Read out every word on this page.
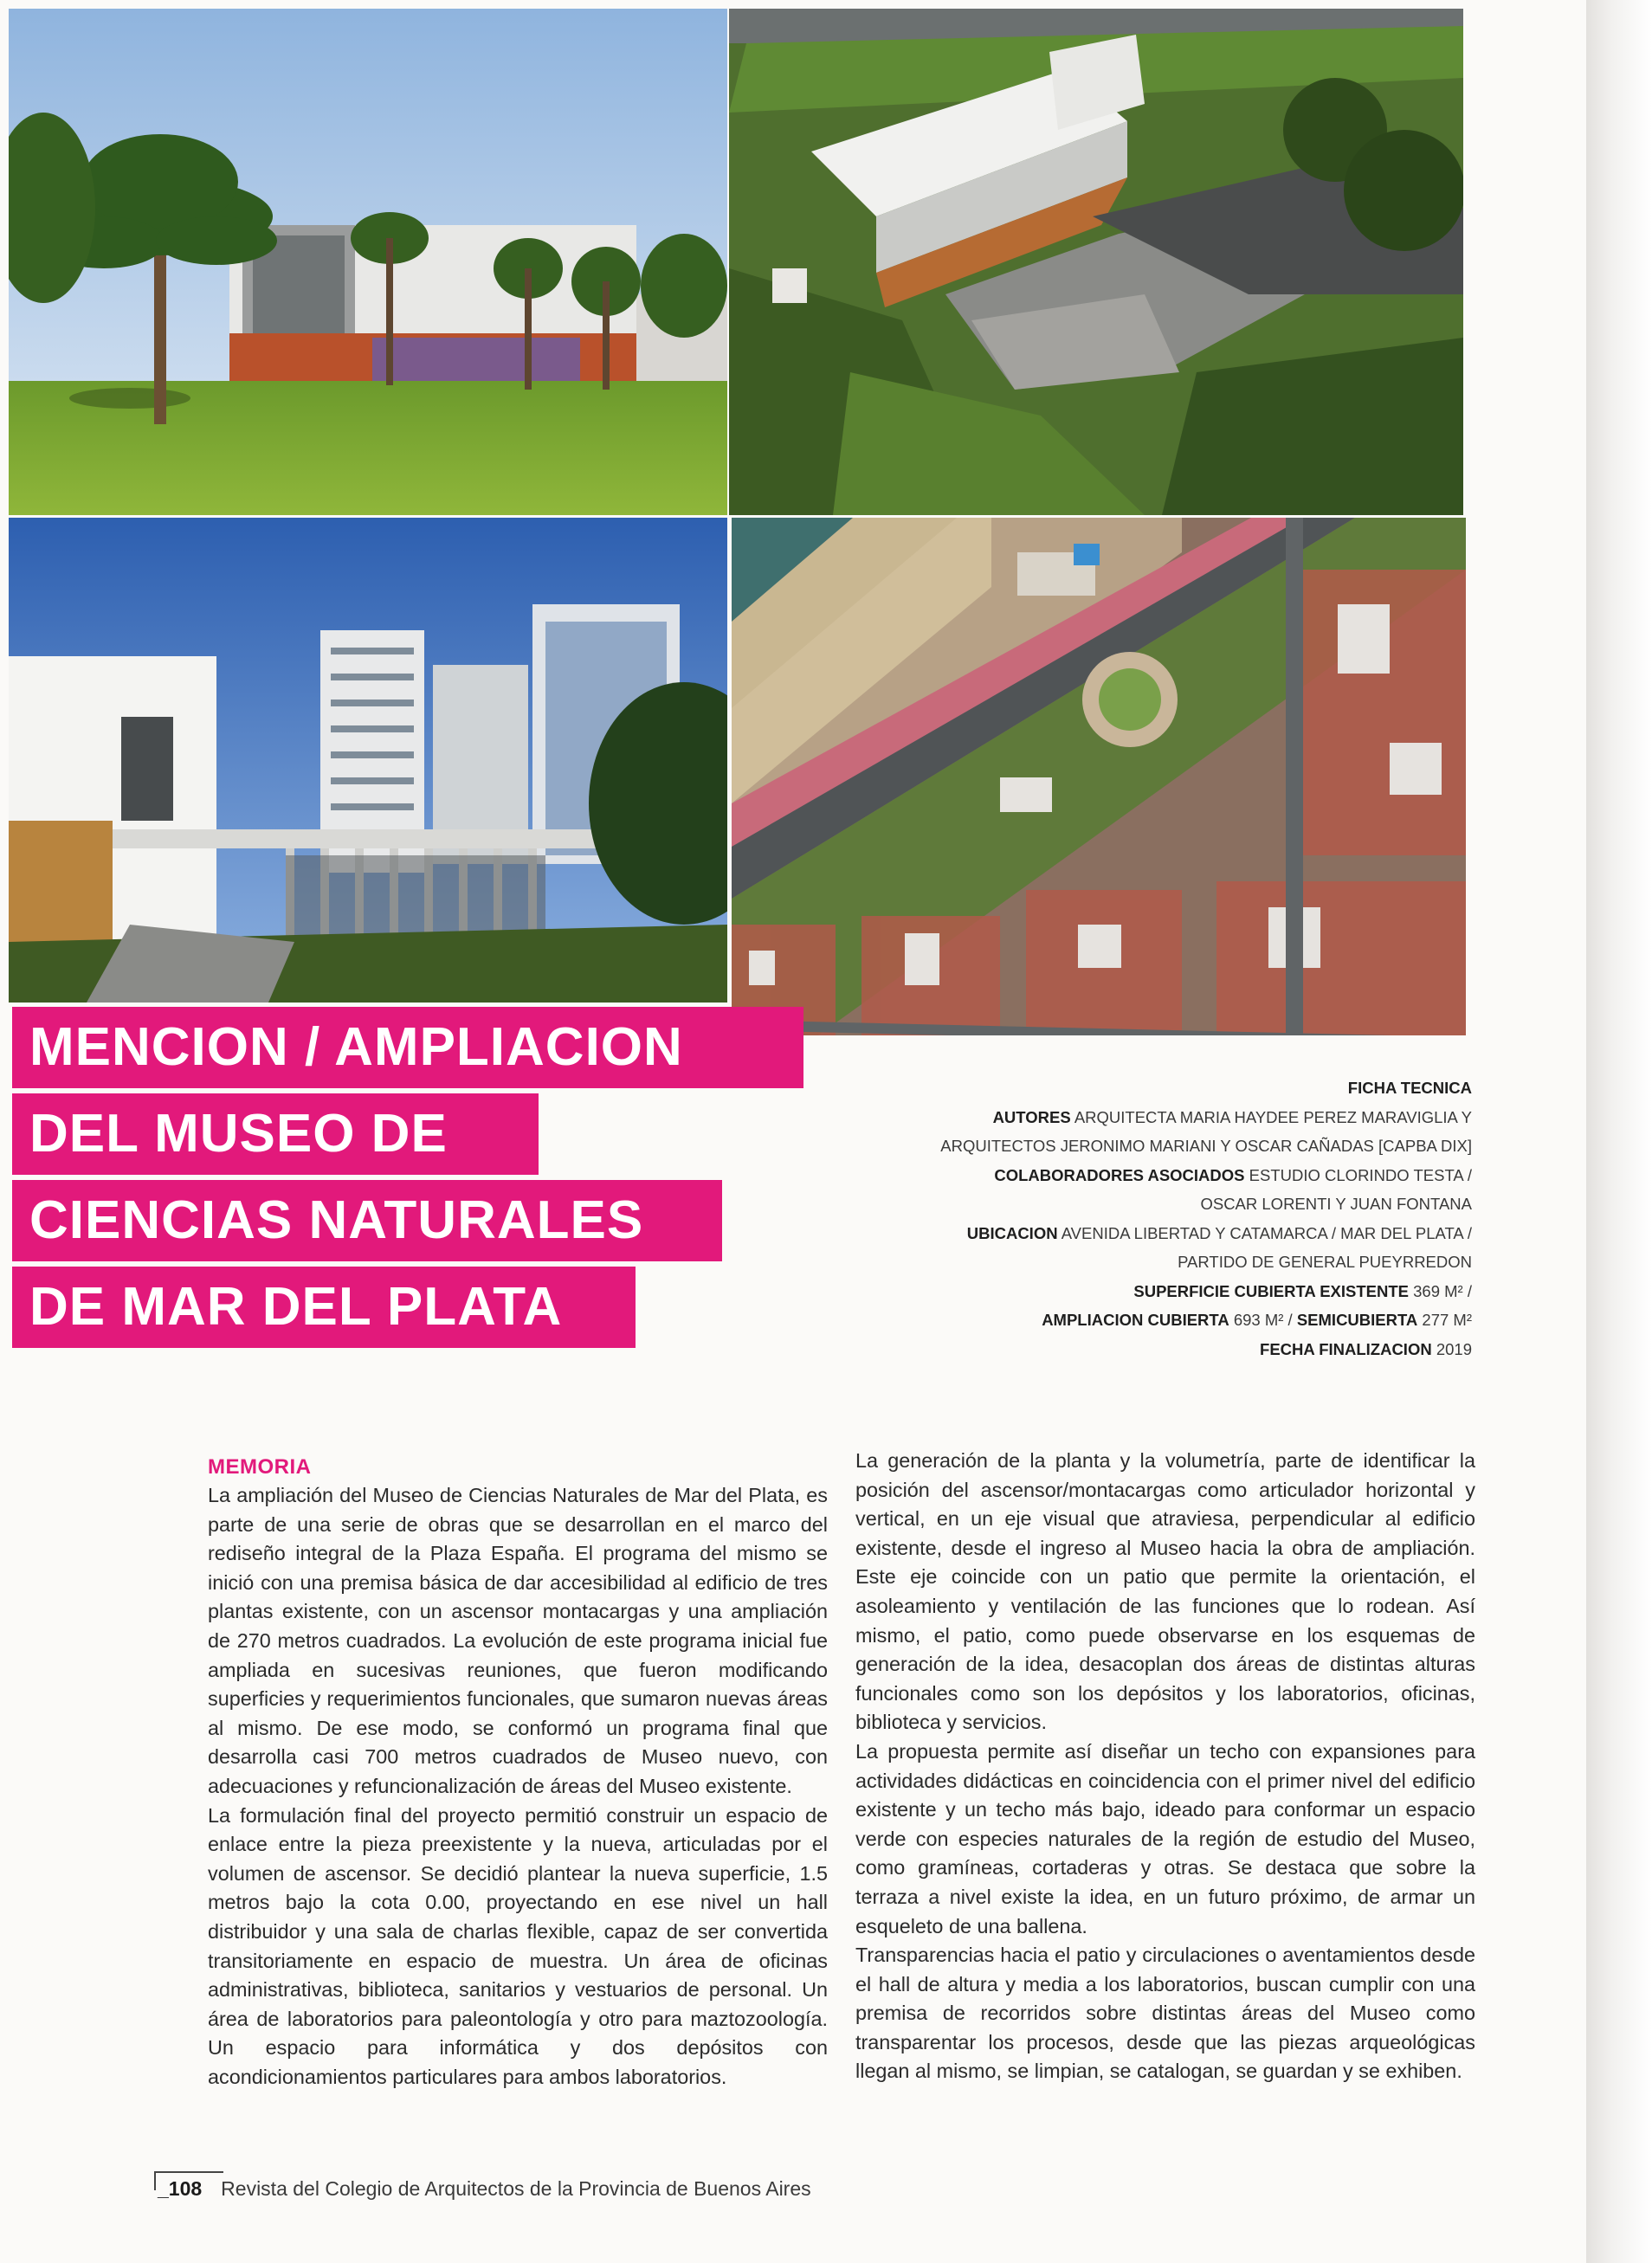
MENCION / AMPLIACION
DEL MUSEO DE
CIENCIAS NATURALES
DE MAR DEL PLATA
FICHA TECNICA
AUTORES ARQUITECTA MARIA HAYDEE PEREZ MARAVIGLIA Y
ARQUITECTOS JERONIMO MARIANI Y OSCAR CAÑADAS [CAPBA DIX]
COLABORADORES ASOCIADOS ESTUDIO CLORINDO TESTA /
OSCAR LORENTI Y JUAN FONTANA
UBICACION AVENIDA LIBERTAD Y CATAMARCA / MAR DEL PLATA /
PARTIDO DE GENERAL PUEYRREDON
SUPERFICIE CUBIERTA EXISTENTE 369 M² /
AMPLIACION CUBIERTA 693 M² / SEMICUBIERTA 277 M²
FECHA FINALIZACION 2019
MEMORIA

La ampliación del Museo de Ciencias Naturales de Mar del Plata, es parte de una serie de obras que se desarrollan en el marco del rediseño integral de la Plaza España. El programa del mismo se inició con una premisa básica de dar accesibilidad al edificio de tres plantas existente, con un ascensor montacargas y una ampliación de 270 metros cuadrados. La evolución de este programa inicial fue ampliada en sucesivas reuniones, que fueron modificando superficies y requerimientos funcionales, que sumaron nuevas áreas al mismo. De ese modo, se conformó un programa final que desarrolla casi 700 metros cuadrados de Museo nuevo, con adecuaciones y refuncionalización de áreas del Museo existente.

La formulación final del proyecto permitió construir un espacio de enlace entre la pieza preexistente y la nueva, articuladas por el volumen de ascensor. Se decidió plantear la nueva superficie, 1.5 metros bajo la cota 0.00, proyectando en ese nivel un hall distribuidor y una sala de charlas flexible, capaz de ser convertida transitoriamente en espacio de muestra. Un área de oficinas administrativas, biblioteca, sanitarios y vestuarios de personal. Un área de laboratorios para paleontología y otro para maztozoología. Un espacio para informática y dos depósitos con acondicionamientos particulares para ambos laboratorios.

La generación de la planta y la volumetría, parte de identificar la posición del ascensor/montacargas como articulador horizontal y vertical, en un eje visual que atraviesa, perpendicular al edificio existente, desde el ingreso al Museo hacia la obra de ampliación. Este eje coincide con un patio que permite la orientación, el asoleamiento y ventilación de las funciones que lo rodean. Así mismo, el patio, como puede observarse en los esquemas de generación de la idea, desacoplan dos áreas de distintas alturas funcionales como son los depósitos y los laboratorios, oficinas, biblioteca y servicios.

La propuesta permite así diseñar un techo con expansiones para actividades didácticas en coincidencia con el primer nivel del edificio existente y un techo más bajo, ideado para conformar un espacio verde con especies naturales de la región de estudio del Museo, como gramíneas, cortaderas y otras. Se destaca que sobre la terraza a nivel existe la idea, en un futuro próximo, de armar un esqueleto de una ballena.

Transparencias hacia el patio y circulaciones o aventamientos desde el hall de altura y media a los laboratorios, buscan cumplir con una premisa de recorridos sobre distintas áreas del Museo como transparentar los procesos, desde que las piezas arqueológicas llegan al mismo, se limpian, se catalogan, se guardan y se exhiben.

_108 Revista del Colegio de Arquitectos de la Provincia de Buenos Aires
